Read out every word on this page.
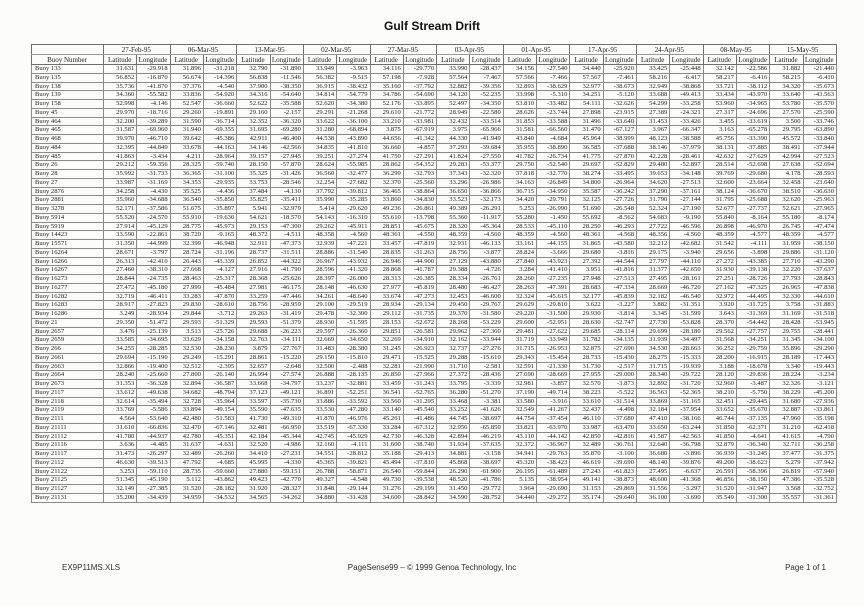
Gulf Stream Drift
	27-Feb-95		06-Mar-95		13-Mar-95		02-Mar-95		27-Mar-95		03-Apr-95		01-Apr-95		17-Apr-95		24-Apr-95		08-May-95		15-May-95	
Buoy Number	Latitude	Longitude	Latitude	Longitude	Latitude	Longitude	Latitude	Longitude	Latitude	Longitude	Latitude	Longitude	Latitude	Longitude	Latitude	Longitude	Latitude	Longitude	Latitude	Longitude	Latitude	Longitude
Buoy 133	31.631	-29.918	31.896	-31.218	32.790	-31.890	33.949	-3.963	34.116	-29.770	33.990	-28.437	34.156	-27.540	34.440	-25.920	33.425	-25.448	32.142	-22.586	31.882	-21.440
Buoy 135	56.852	-16.870	56.674	-14.396	56.838	-11.546	56.382	-9.515	57.198	-7.928	57.564	-7.467	57.566	-7.466	57.567	-7.461	58.216	-6.417	58.217	-6.416	58.215	-6.410
Buoy 138	35.736	-41.870	37.376	-4.540	37.900	-38.350	36.915	-38.432	35.160	-37.792	32.882	-39.356	32.893	-38.629	32.977	-38.673	32.949	-38.868	33.721	-38.112	34.320	-35.673
Buoy 139	34.360	-55.582	33.836	-54.920	34.316	-54.640	34.814	-54.779	34.786	-54.690	34.120	-52.235	33.998	-5.310	34.251	-5.120	33.688	-49.413	33.434	-43.970	33.640	-43.563
Buoy 158	52.998	-4.146	52.547	-36.660	52.622	-35.588	52.620	-34.380	52.176	-33.895	52.497	-34.350	53.810	-33.482	54.111	-32.626	54.299	-33.258	53.960	-34.965	53.780	-35.570
Buoy 45	29.970	-18.716	29.260	-19.891	29.160	-2.157	29.291	-21.268	29.610	-21.772	28.949	-22.580	28.626	-23.744	27.898	-23.915	27.389	-24.321	27.317	-24.696	27.570	-25.590
Buoy 464	32.200	-39.289	31.590	-36.714	32.352	-36.320	33.622	-36.100	33.210	-33.981	32.432	-33.514	31.853	-33.588	31.496	-33.640	31.453	-33.426	3.455	-33.619	3.500	-33.746
Buoy 465	31.587	-69.960	31.940	-69.355	31.695	-69.280	31.280	-68.894	3.875	-67.919	3.975	-65.966	31.581	-66.560	31.470	-67.127	3.967	-66.347	3.163	-65.278	29.795	-63.890
Buoy 468	39.970	-46.710	39.642	-45.386	42.911	-46.400	44.538	-43.890	44.656	-41.342	44.330	-41.949	43.840	-4.684	45.964	-38.999	48.123	-38.588	45.756	-33.390	45.572	-33.840
Buoy 484	32.395	-44.849	33.678	-44.163	34.146	-42.566	34.835	-41.810	36.660	-4.857	37.293	-39.684	35.955	-38.890	36.585	-37.688	38.146	-37.979	38.131	-37.885	38.491	-37.944
Buoy 485	41.863	-3.434	4.211	-28.964	39.157	-27.945	39.251	-27.274	41.750	-27.291	41.824	-27.550	41.782	-26.734	41.775	-27.870	42.228	-28.461	42.632	-27.629	42.994	-27.523
Buoy 26	29.212	-59.356	28.325	-59.740	28.150	-57.870	28.624	-55.985	28.862	-54.352	29.283	-53.377	29.750	-52.540	29.697	-52.829	29.480	-52.897	28.514	-52.698	27.638	-52.694
Buoy 28	35.992	-31.733	36.365	-31.100	35.325	-31.426	36.560	-32.477	36.299	-32.793	37.343	-32.320	37.818	-32.770	38.274	-33.495	39.653	-34.148	39.769	-29.680	4.178	-28.593
Buoy 27	33.987	-31.169	34.353	-29.935	33.753	-28.546	32.254	-27.682	32.370	-25.560	33.296	-26.986	34.163	-26.849	34.800	-26.964	34.620	-27.513	32.600	-23.664	32.458	-23.640
Buoy 2876	34.258	-4.430	35.525	-4.436	37.484	-4.130	37.792	-39.812	36.465	-38.864	36.650	-36.866	36.715	-34.950	35.587	-36.242	37.290	-37.161	38.124	-36.670	38.510	-36.630
Buoy 2881	35.960	-34.688	36.540	-35.850	35.825	-35.411	35.990	-35.285	33.860	-34.830	33.523	-32.173	34.420	-29.791	32.125	-27.726	31.790	-27.144	31.795	-25.688	32.620	-25.963
Buoy 3278	52.171	-37.586	51.675	-35.897	5.941	-32.979	5.414	-29.620	49.236	-26.861	49.389	-26.291	5.253	-26.990	51.690	-26.548	52.324	-27.190	52.677	-27.737	52.621	-27.965
Buoy 5914	55.520	-24.570	55.910	-19.630	54.621	-18.570	54.143	-16.310	55.610	-13.798	55.360	-11.917	55.280	-1.450	55.692	-8.562	54.683	-9.190	55.840	-8.164	55.180	-8.174
Buoy 5919	27.914	-45.129	28.775	-45.973	29.153	-47.300	29.262	-45.911	28.851	-45.675	28.320	-45.364	28.533	-45.110	28.250	-46.293	27.722	-46.596	26.898	-46.970	26.745	-47.474
Buoy 14423	33.590	-22.861	38.720	-9.165	48.372	-4.511	48.358	-4.560	48.361	-4.550	48.359	-4.560	48.359	-4.560	48.361	-4.568	48.356	-4.560	48.359	-4.577	48.359	-4.577
Buoy 15571	31.350	-44.999	32.399	-46.948	32.911	-47.373	32.939	-47.221	33.457	-47.819	32.931	-46.133	33.161	-44.155	31.865	-43.580	32.212	-42.682	31.542	-4.111	31.959	-38.150
Buoy 16264	28.671	-3.797	28.724	-31.196	28.737	-31.511	28.886	-31.540	28.835	-31.263	28.756	-3.877	28.824	-3.666	29.680	-3.816	29.175	-3.940	29.656	-3.898	29.886	-31.120
Buoy 16266	26.313	-42.410	26.443	-43.339	26.852	-44.322	26.967	-43.932	26.946	-44.900	27.129	-43.880	27.840	-43.923	27.392	-44.544	27.797	-44.110	27.272	-43.385	27.710	-43.290
Buoy 16267	27.460	-38.310	27.668	-4.127	27.916	-41.790	28.596	-41.320	28.868	-41.787	29.388	-4.726	3.284	-41.410	3.951	-41.816	31.377	-42.650	31.930	-39.138	32.220	-37.637
Buoy 16273	28.844	-24.735	28.463	-25.317	28.368	-25.626	28.397	-26.000	28.313	-26.385	28.334	-26.761	28.260	-27.235	27.948	-27.513	27.495	-28.161	27.251	-28.726	27.793	-28.843
Buoy 16277	27.472	-45.180	27.999	-45.484	27.981	-46.175	28.148	-46.630	27.977	-45.819	28.480	-46.427	28.263	-47.391	28.683	-47.334	28.669	-46.720	27.162	-47.325	26.965	-47.838
Buoy 16282	32.719	-46.411	33.283	-47.870	33.259	-47.446	34.261	-48.640	33.674	-47.273	32.453	-46.600	32.324	-45.615	32.177	-45.839	32.182	-46.540	32.972	-44.495	32.330	-44.610
Buoy 16283	28.917	-27.823	29.830	-28.610	28.756	-28.959	29.100	-29.519	28.934	-29.134	29.450	-29.767	29.629	-29.810	3.622	-3.227	3.882	-31.351	3.920	-31.725	3.758	-31.883
Buoy 16286	3.249	-28.934	29.844	-3.712	29.263	-31.419	29.478	-32.300	29.112	-31.735	29.370	-31.580	29.220	-31.500	29.930	-3.814	3.345	-31.599	3.643	-31.369	31.169	-31.518
Buoy 21	29.350	-51.472	29.593	-51.329	29.593	-51.379	28.930	-51.595	28.153	-52.672	28.268	-53.229	29.600	-52.951	28.630	-52.747	27.730	-53.828	28.370	-54.442	28.428	-53.945
Buoy 2657	3.476	-25.139	3.513	-25.726	29.688	-26.223	29.597	-26.360	29.851	-26.581	29.962	-27.360	29.481	-27.622	29.685	-28.114	29.699	-28.180	29.562	-27.757	29.755	-28.441
Buoy 2659	33.585	-34.695	33.629	-34.158	32.763	-34.111	32.669	-34.650	32.269	-34.910	32.162	-33.944	31.719	-33.949	31.782	-34.135	31.939	-34.497	31.568	-34.251	31.345	-34.100
Buoy 266	34.255	-28.285	32.530	-28.230	3.879	-27.767	31.483	-28.380	31.245	-26.923	32.737	-27.276	31.715	-26.953	32.875	-27.690	34.530	-28.663	36.252	-29.759	35.896	-29.290
Buoy 2661	29.694	-15.190	29.249	-15.291	28.861	-15.220	29.150	-15.810	29.471	-15.525	29.288	-15.610	29.343	-15.454	28.733	-15.430	28.275	-15.333	28.200	-16.915	28.189	-17.443
Buoy 2663	32.866	-19.400	32.512	-2.395	32.657	-2.648	32.500	-2.488	32.281	-21.990	31.710	-2.581	32.591	-21.330	31.730	-2.517	31.715	-19.939	3.188	-18.678	3.340	-19.443
Buoy 2664	28.240	-25.660	27.800	-26.140	26.994	-27.574	26.888	-28.135	26.850	-27.966	27.372	-28.436	27.690	-28.669	27.955	-29.000	28.340	-29.722	28.120	-29.836	28.224	-3.234
Buoy 2673	31.353	-36.328	32.894	-36.587	33.668	-34.797	33.237	-32.881	33.459	-31.243	33.795	-3.339	32.981	-3.857	32.570	-3.873	32.892	-31.720	32.960	-3.487	32.326	-3.121
Buoy 2117	33.612	-49.638	34.682	-48.794	37.123	-49.121	36.891	-52.251	36.541	-52.765	36.280	-51.270	37.190	-49.714	38.223	-5.522	36.563	-52.365	38.210	-5.750	38.229	-45.200
Buoy 2118	32.614	-35.494	32.728	-35.964	33.597	-35.730	33.886	-33.592	33.560	-31.295	33.468	-3.381	33.580	-3.916	33.610	-31.514	33.869	-31.165	32.451	-29.445	31.680	-27.936
Buoy 2119	33.769	-5.586	33.894	-49.154	35.590	-47.635	33.530	-47.280	33.140	-45.540	33.252	-41.626	32.549	-41.267	32.437	-4.498	32.184	-37.954	33.652	-35.670	32.887	-33.861
Buoy 2111	4.564	-53.640	42.480	-51.583	41.730	-49.310	41.870	-46.976	45.261	-41.486	44.745	-38.697	44.754	-37.454	46.110	-37.680	47.410	-38.166	46.744	-37.135	47.960	-35.198
Buoy 21111	31.610	-66.836	32.470	-67.146	32.481	-66.950	33.519	-67.330	33.284	-67.312	32.956	-65.850	33.821	-63.970	33.987	-63.470	33.650	-63.244	31.850	-62.371	31.210	-62.418
Buoy 21112	41.780	-44.937	42.780	-45.351	42.184	-45.344	42.745	-45.929	42.730	-46.328	42.894	-46.219	43.110	-44.142	42.850	-42.816	41.587	-42.563	41.850	-4.641	41.615	-4.790
Buoy 21116	3.636	-4.485	31.637	-4.631	32.520	-4.986	32.160	-4.111	31.600	-38.740	31.934	-37.635	32.372	-36.967	32.489	-36.761	32.640	-36.798	32.879	-36.340	32.711	-36.258
Buoy 21117	31.473	-26.297	32.489	-26.260	34.410	-27.231	34.551	-28.812	35.188	-29.413	34.881	-3.158	34.941	-29.763	35.870	-3.100	36.680	-3.896	36.939	-31.245	37.477	-31.375
Buoy 2112	46.630	-39.513	47.792	-4.685	45.995	-4.330	45.365	-39.821	45.494	-37.810	45.868	-38.697	45.320	-38.423	46.619	-39.690	48.140	-39.876	49.200	-38.623	5.279	-37.942
Buoy 21122	3.253	-59.110	28.735	-59.660	27.880	-59.151	26.788	-58.871	26.540	-59.844	26.290	-61.900	26.195	-61.489	27.243	-61.823	27.495	-6.637	26.591	-58.396	26.819	-57.940
Buoy 21125	51.345	-45.190	5.112	-43.862	49.423	-42.770	49.327	-4.548	49.730	-39.538	48.520	-41.786	5.135	-38.954	49.141	-38.873	48.600	-41.368	46.856	-38.150	47.386	-35.528
Buoy 21127	32.149	-27.385	31.520	-28.182	31.920	-28.327	31.848	-29.144	31.276	-29.199	31.450	-29.772	3.964	-29.690	31.153	-29.869	31.556	-3.297	31.520	-31.947	3.568	-32.752
Buoy 21131	35.200	-34.439	34.959	-34.532	34.565	-34.262	34.880	-31.428	34.600	-28.842	34.590	-28.752	34.440	-29.272	35.174	-29.640	36.100	-3.690	35.549	-31.300	35.557	-31.361
EX9P11MS.XLS	PageSense99 – © 1999 Genoa Technology, Inc	Page 1 of 1
